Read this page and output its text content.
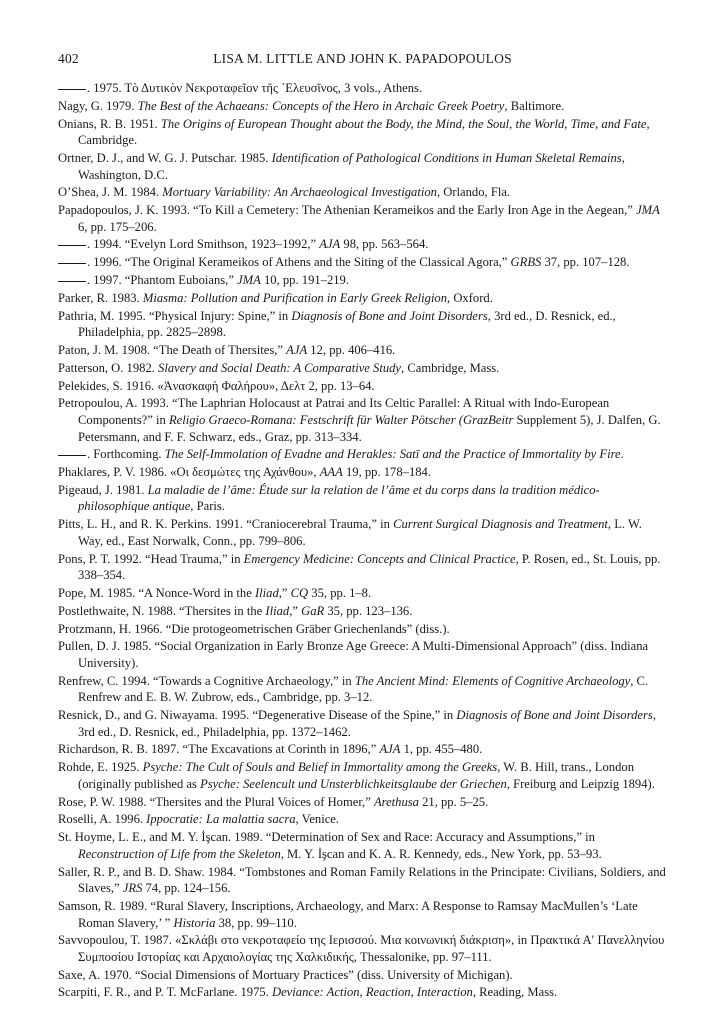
402	LISA M. LITTLE AND JOHN K. PAPADOPOULOS

. 1975. Τὸ Δυτικὸν Νεκροταφεῖον τῆς ᾽Ελευσῖνος, 3 vols., Athens.

Nagy, G. 1979. The Best of the Achaeans: Concepts of the Hero in Archaic Greek Poetry, Baltimore.

Onians, R. B. 1951. The Origins of European Thought about the Body, the Mind, the Soul, the World, Time, and Fate, Cambridge.

Ortner, D. J., and W. G. J. Putschar. 1985. Identification of Pathological Conditions in Human Skeletal Remains, Washington, D.C.

O’Shea, J. M. 1984. Mortuary Variability: An Archaeological Investigation, Orlando, Fla.

Papadopoulos, J. K. 1993. “To Kill a Cemetery: The Athenian Kerameikos and the Early Iron Age in the Aegean,” JMA 6, pp. 175–206.

. 1994. “Evelyn Lord Smithson, 1923–1992,” AJA 98, pp. 563–564.

. 1996. “The Original Kerameikos of Athens and the Siting of the Classical Agora,” GRBS 37, pp. 107–128.

. 1997. “Phantom Euboians,” JMA 10, pp. 191–219.

Parker, R. 1983. Miasma: Pollution and Purification in Early Greek Religion, Oxford.

Pathria, M. 1995. “Physical Injury: Spine,” in Diagnosis of Bone and Joint Disorders, 3rd ed., D. Resnick, ed., Philadelphia, pp. 2825–2898.

Paton, J. M. 1908. “The Death of Thersites,” AJA 12, pp. 406–416.

Patterson, O. 1982. Slavery and Social Death: A Comparative Study, Cambridge, Mass.

Pelekides, S. 1916. «Ἀνασκαφὴ Φαλήρου», Δελτ 2, pp. 13–64.

Petropoulou, A. 1993. “The Laphrian Holocaust at Patrai and Its Celtic Parallel: A Ritual with Indo-European Components?” in Religio Graeco-Romana: Festschrift für Walter Pötscher (GrazBeitr Supplement 5), J. Dalfen, G. Petersmann, and F. F. Schwarz, eds., Graz, pp. 313–334.

. Forthcoming. The Self-Immolation of Evadne and Herakles: Satī and the Practice of Immortality by Fire.

Phaklares, P. V. 1986. «Οι δεσμώτες της Αχάνθου», AAA 19, pp. 178–184.

Pigeaud, J. 1981. La maladie de l’âme: Étude sur la relation de l’âme et du corps dans la tradition médico-philosophique antique, Paris.

Pitts, L. H., and R. K. Perkins. 1991. “Craniocerebral Trauma,” in Current Surgical Diagnosis and Treatment, L. W. Way, ed., East Norwalk, Conn., pp. 799–806.

Pons, P. T. 1992. “Head Trauma,” in Emergency Medicine: Concepts and Clinical Practice, P. Rosen, ed., St. Louis, pp. 338–354.

Pope, M. 1985. “A Nonce-Word in the Iliad,” CQ 35, pp. 1–8.

Postlethwaite, N. 1988. “Thersites in the Iliad,” GaR 35, pp. 123–136.

Protzmann, H. 1966. “Die protogeometrischen Gräber Griechenlands” (diss.).

Pullen, D. J. 1985. “Social Organization in Early Bronze Age Greece: A Multi-Dimensional Approach” (diss. Indiana University).

Renfrew, C. 1994. “Towards a Cognitive Archaeology,” in The Ancient Mind: Elements of Cognitive Archaeology, C. Renfrew and E. B. W. Zubrow, eds., Cambridge, pp. 3–12.

Resnick, D., and G. Niwayama. 1995. “Degenerative Disease of the Spine,” in Diagnosis of Bone and Joint Disorders, 3rd ed., D. Resnick, ed., Philadelphia, pp. 1372–1462.

Richardson, R. B. 1897. “The Excavations at Corinth in 1896,” AJA 1, pp. 455–480.

Rohde, E. 1925. Psyche: The Cult of Souls and Belief in Immortality among the Greeks, W. B. Hill, trans., London (originally published as Psyche: Seelencult und Unsterblichkeitsglaube der Griechen, Freiburg and Leipzig 1894).

Rose, P. W. 1988. “Thersites and the Plural Voices of Homer,” Arethusa 21, pp. 5–25.

Roselli, A. 1996. Ippocratie: La malattia sacra, Venice.

St. Hoyme, L. E., and M. Y. İşcan. 1989. “Determination of Sex and Race: Accuracy and Assumptions,” in Reconstruction of Life from the Skeleton, M. Y. İşcan and K. A. R. Kennedy, eds., New York, pp. 53–93.

Saller, R. P., and B. D. Shaw. 1984. “Tombstones and Roman Family Relations in the Principate: Civilians, Soldiers, and Slaves,” JRS 74, pp. 124–156.

Samson, R. 1989. “Rural Slavery, Inscriptions, Archaeology, and Marx: A Response to Ramsay MacMullen’s ‘Late Roman Slavery,’ ” Historia 38, pp. 99–110.

Savvopoulou, T. 1987. «Σκλάβι στο νεκροταφείο της Ιερισσού. Μια κοινωνική διάκριση», in Πρακτικά Α′ Πανελληνίου Συμποσίου Ιστορίας και Αρχαιολογίας της Χαλκιδικής, Thessalonike, pp. 97–111.

Saxe, A. 1970. “Social Dimensions of Mortuary Practices” (diss. University of Michigan).

Scarpiti, F. R., and P. T. McFarlane. 1975. Deviance: Action, Reaction, Interaction, Reading, Mass.
